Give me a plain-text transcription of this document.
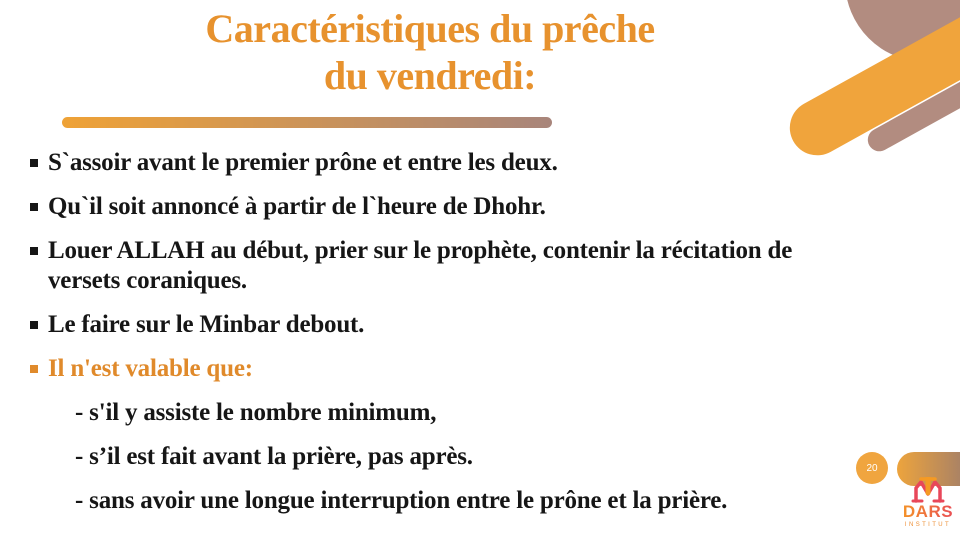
Caractéristiques du prêche
du vendredi:
S`assoir avant le premier prône et entre les deux.
Qu`il soit annoncé à partir de l`heure de Dhohr.
Louer ALLAH au début, prier sur le prophète, contenir la récitation de versets coraniques.
Le faire sur le Minbar debout.
Il n'est valable que:
- s'il y assiste le nombre minimum,
- s’il est fait avant la prière, pas après.
- sans avoir une longue interruption entre le prône et la prière.
20
DARS
INSTITUT
